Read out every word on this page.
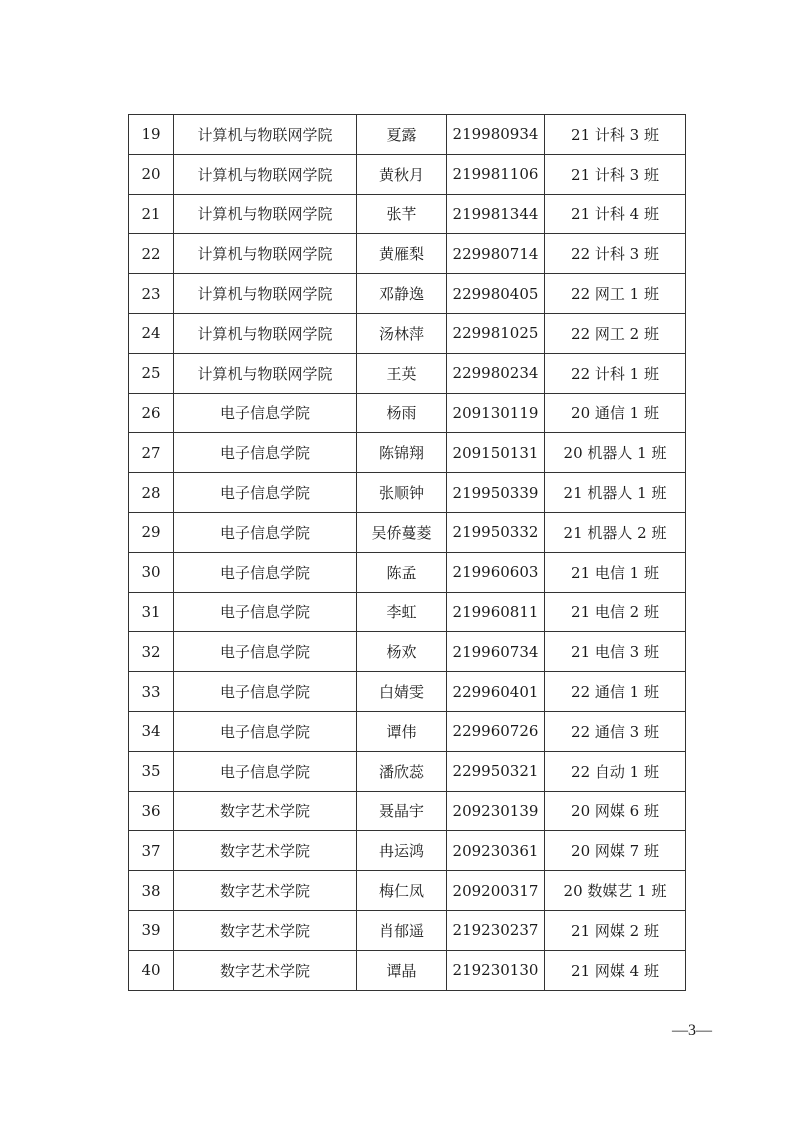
19	计算机与物联网学院	夏露	219980934	21 计科 3 班
20	计算机与物联网学院	黄秋月	219981106	21 计科 3 班
21	计算机与物联网学院	张芊	219981344	21 计科 4 班
22	计算机与物联网学院	黄雁梨	229980714	22 计科 3 班
23	计算机与物联网学院	邓静逸	229980405	22 网工 1 班
24	计算机与物联网学院	汤林萍	229981025	22 网工 2 班
25	计算机与物联网学院	王英	229980234	22 计科 1 班
26	电子信息学院	杨雨	209130119	20 通信 1 班
27	电子信息学院	陈锦翔	209150131	20 机器人 1 班
28	电子信息学院	张顺钟	219950339	21 机器人 1 班
29	电子信息学院	吴侨蔓菱	219950332	21 机器人 2 班
30	电子信息学院	陈孟	219960603	21 电信 1 班
31	电子信息学院	李虹	219960811	21 电信 2 班
32	电子信息学院	杨欢	219960734	21 电信 3 班
33	电子信息学院	白婧雯	229960401	22 通信 1 班
34	电子信息学院	谭伟	229960726	22 通信 3 班
35	电子信息学院	潘欣蕊	229950321	22 自动 1 班
36	数字艺术学院	聂晶宇	209230139	20 网媒 6 班
37	数字艺术学院	冉运鸿	209230361	20 网媒 7 班
38	数字艺术学院	梅仁凤	209200317	20 数媒艺 1 班
39	数字艺术学院	肖郁遥	219230237	21 网媒 2 班
40	数字艺术学院	谭晶	219230130	21 网媒 4 班
—3—
